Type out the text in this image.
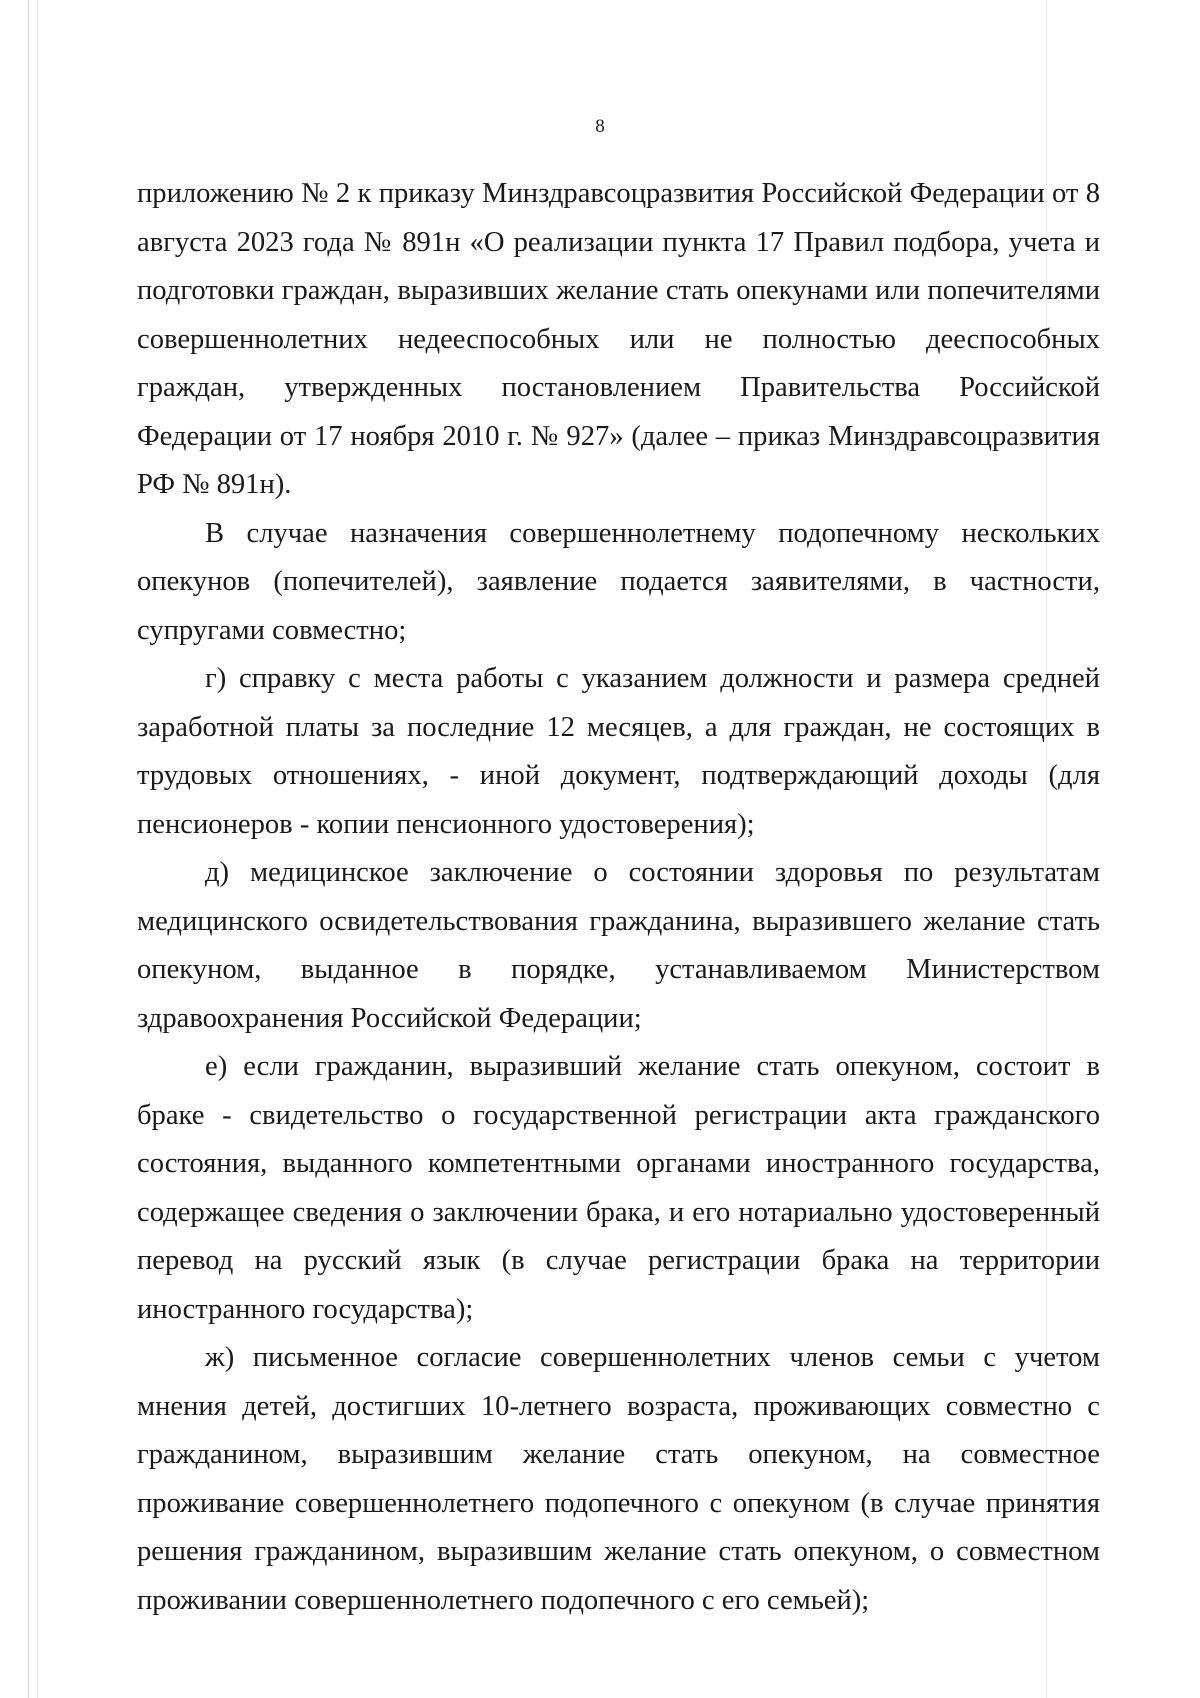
8

приложению № 2 к приказу Минздравсоцразвития Российской Федерации от 8 августа 2023 года № 891н «О реализации пункта 17 Правил подбора, учета и подготовки граждан, выразивших желание стать опекунами или попечителями совершеннолетних недееспособных или не полностью дееспособных граждан, утвержденных постановлением Правительства Российской Федерации от 17 ноября 2010 г. № 927» (далее – приказ Минздравсоцразвития РФ № 891н).

В случае назначения совершеннолетнему подопечному нескольких опекунов (попечителей), заявление подается заявителями, в частности, супругами совместно;

г) справку с места работы с указанием должности и размера средней заработной платы за последние 12 месяцев, а для граждан, не состоящих в трудовых отношениях, - иной документ, подтверждающий доходы (для пенсионеров - копии пенсионного удостоверения);

д) медицинское заключение о состоянии здоровья по результатам медицинского освидетельствования гражданина, выразившего желание стать опекуном, выданное в порядке, устанавливаемом Министерством здравоохранения Российской Федерации;

е) если гражданин, выразивший желание стать опекуном, состоит в браке - свидетельство о государственной регистрации акта гражданского состояния, выданного компетентными органами иностранного государства, содержащее сведения о заключении брака, и его нотариально удостоверенный перевод на русский язык (в случае регистрации брака на территории иностранного государства);

ж) письменное согласие совершеннолетних членов семьи с учетом мнения детей, достигших 10-летнего возраста, проживающих совместно с гражданином, выразившим желание стать опекуном, на совместное проживание совершеннолетнего подопечного с опекуном (в случае принятия решения гражданином, выразившим желание стать опекуном, о совместном проживании совершеннолетнего подопечного с его семьей);
